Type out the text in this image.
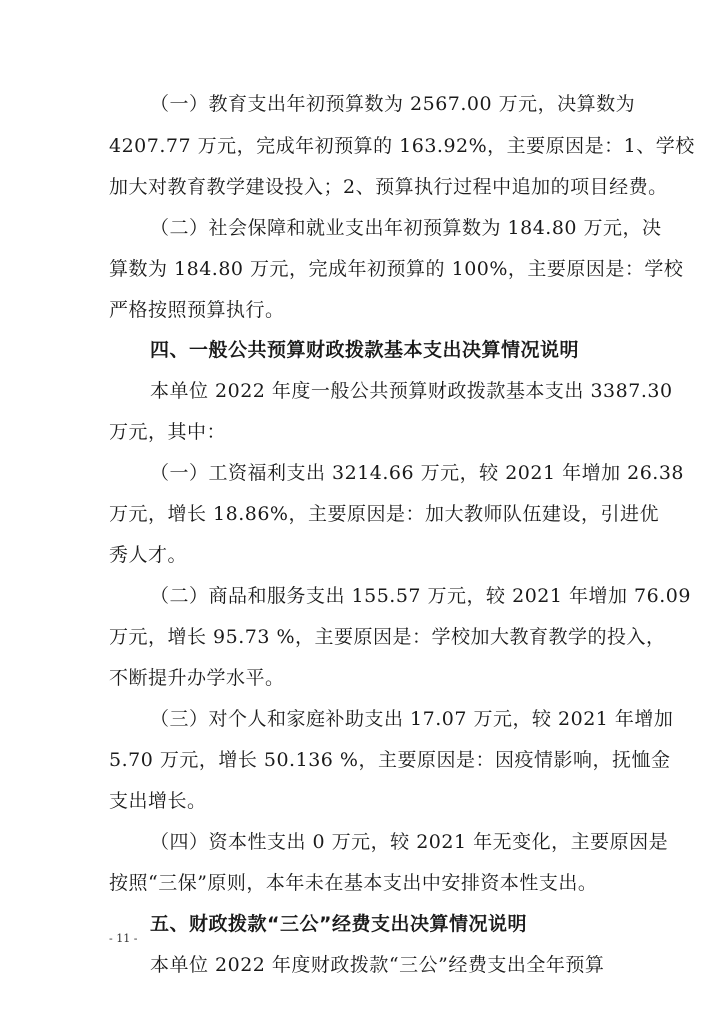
（一）教育支出年初预算数为 2567.00 万元，决算数为
4207.77 万元，完成年初预算的 163.92%，主要原因是：1、学校
加大对教育教学建设投入；2、预算执行过程中追加的项目经费。
（二）社会保障和就业支出年初预算数为 184.80 万元，决
算数为 184.80 万元，完成年初预算的 100%，主要原因是：学校
严格按照预算执行。
四、一般公共预算财政拨款基本支出决算情况说明
本单位 2022 年度一般公共预算财政拨款基本支出 3387.30
万元，其中：
（一）工资福利支出 3214.66 万元，较 2021 年增加 26.38
万元，增长 18.86%，主要原因是：加大教师队伍建设，引进优
秀人才。
（二）商品和服务支出 155.57 万元，较 2021 年增加 76.09
万元，增长 95.73 %，主要原因是：学校加大教育教学的投入，
不断提升办学水平。
（三）对个人和家庭补助支出 17.07 万元，较 2021 年增加
5.70 万元，增长 50.136 %，主要原因是：因疫情影响，抚恤金
支出增长。
（四）资本性支出 0 万元，较 2021 年无变化，主要原因是
按照“三保”原则，本年未在基本支出中安排资本性支出。
五、财政拨款“三公”经费支出决算情况说明
本单位 2022 年度财政拨款“三公”经费支出全年预算
- 11 -
